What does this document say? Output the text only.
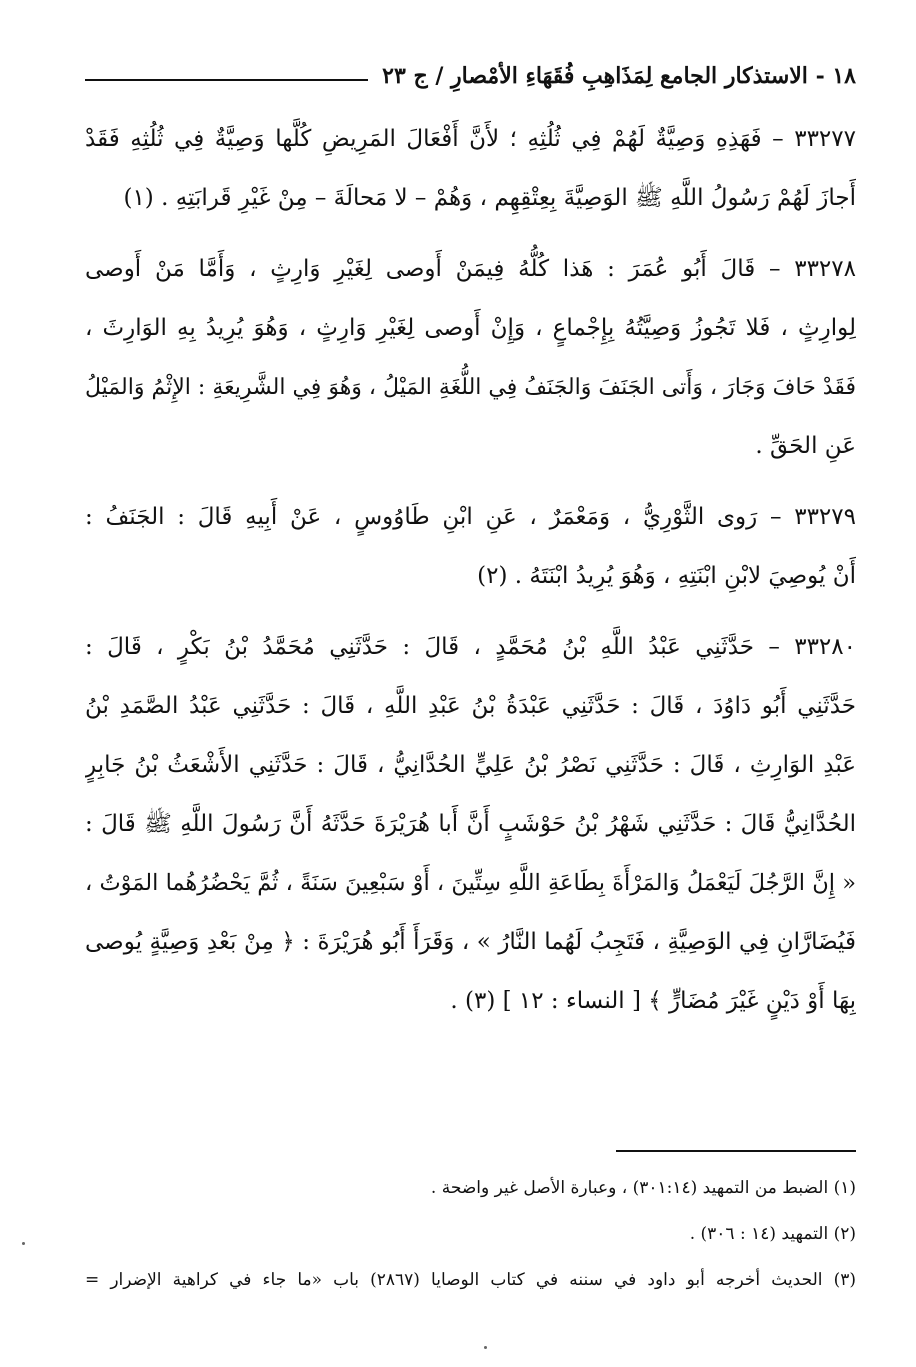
١٨ - الاستذكار الجامع لِمَذَاهِبِ فُقَهَاءِ الأمْصارِ / ج ٢٣
٣٣٢٧٧ – فَهَذِهِ وَصِيَّةٌ لَهُمْ فِي ثُلُثِهِ ؛ لأَنَّ أَفْعَالَ المَرِيضِ كُلَّها وَصِيَّةٌ فِي ثُلُثِهِ فَقَدْ
أَجازَ لَهُمْ رَسُولُ اللَّهِ ﷺ الوَصِيَّةَ بِعِتْقِهِم ، وَهُمْ – لا مَحالَةَ – مِنْ غَيْرِ قَرابَتِهِ . (١)
٣٣٢٧٨ – قَالَ أَبُو عُمَرَ : هَذا كُلُّهُ فِيمَنْ أَوصى لِغَيْرِ وَارِثٍ ، وَأَمَّا مَنْ أَوصى
لِوارِثٍ ، فَلا تَجُوزُ وَصِيَّتُهُ بِإِجْماعٍ ، وَإِنْ أَوصى لِغَيْرِ وَارِثٍ ، وَهُوَ يُرِيدُ بِهِ الوَارِثَ ،
فَقَدْ حَافَ وَجَارَ ، وَأَتى الجَنَفَ وَالجَنَفُ فِي اللُّغَةِ المَيْلُ ، وَهُوَ فِي الشَّرِيعَةِ : الإِثْمُ وَالمَيْلُ
عَنِ الحَقِّ .
٣٣٢٧٩ – رَوى الثَّوْرِيُّ ، وَمَعْمَرٌ ، عَنِ ابْنِ طَاوُوسٍ ، عَنْ أَبِيهِ قَالَ : الجَنَفُ :
أَنْ يُوصِيَ لابْنِ ابْنَتِهِ ، وَهُوَ يُرِيدُ ابْنَتَهُ . (٢)
٣٣٢٨٠ – حَدَّثَنِي عَبْدُ اللَّهِ بْنُ مُحَمَّدٍ ، قَالَ : حَدَّثَنِي مُحَمَّدُ بْنُ بَكْرٍ ، قَالَ :
حَدَّثَنِي أَبُو دَاوُدَ ، قَالَ : حَدَّثَنِي عَبْدَةُ بْنُ عَبْدِ اللَّهِ ، قَالَ : حَدَّثَنِي عَبْدُ الصَّمَدِ بْنُ
عَبْدِ الوَارِثِ ، قَالَ : حَدَّثَنِي نَصْرُ بْنُ عَلِيٍّ الحُدَّانِيُّ ، قَالَ : حَدَّثَنِي الأَشْعَثُ بْنُ جَابِرٍ
الحُدَّانِيُّ قَالَ : حَدَّثَنِي شَهْرُ بْنُ حَوْشَبٍ أَنَّ أَبا هُرَيْرَةَ حَدَّثَهُ أَنَّ رَسُولَ اللَّهِ ﷺ قَالَ :
« إِنَّ الرَّجُلَ لَيَعْمَلُ وَالمَرْأَةَ بِطَاعَةِ اللَّهِ سِتِّينَ ، أَوْ سَبْعِينَ سَنَةً ، ثُمَّ يَحْضُرُهُما المَوْتُ ،
فَيُضَارَّانِ فِي الوَصِيَّةِ ، فَتَجِبُ لَهُما النَّارُ » ، وَقَرَأَ أَبُو هُرَيْرَةَ : ﴿ مِنْ بَعْدِ وَصِيَّةٍ يُوصى
بِهَا أَوْ دَيْنٍ غَيْرَ مُضَارٍّ ﴾ [ النساء : ١٢ ] (٣) .
(١) الضبط من التمهيد (٣٠١:١٤) ، وعبارة الأصل غير واضحة .
(٢) التمهيد (١٤ : ٣٠٦) .
(٣) الحديث أخرجه أبو داود في سننه في كتاب الوصايا (٢٨٦٧) باب «ما جاء في كراهية الإضرار =
